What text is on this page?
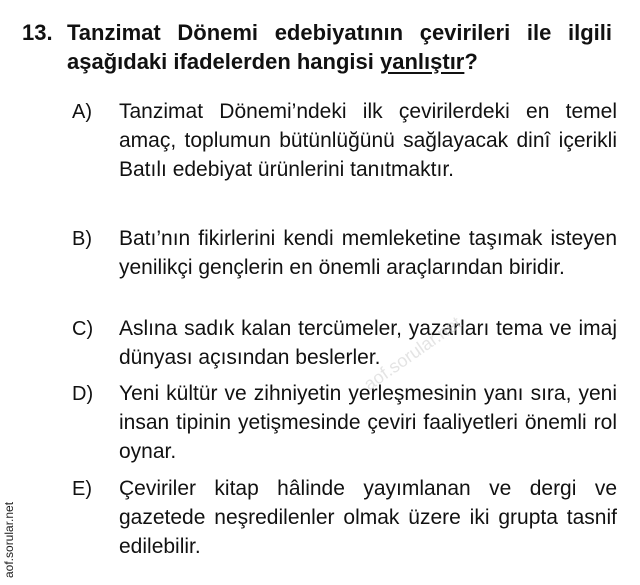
13. Tanzimat Dönemi edebiyatının çevirileri ile ilgili aşağıdaki ifadelerden hangisi yanlıştır?
A) Tanzimat Dönemi’ndeki ilk çevirilerdeki en temel amaç, toplumun bütünlüğünü sağlayacak dinî içerikli Batılı edebiyat ürünlerini tanıtmaktır.
B) Batı’nın fikirlerini kendi memleketine taşımak isteyen yenilikçi gençlerin en önemli araçlarından biridir.
C) Aslına sadık kalan tercümeler, yazarları tema ve imaj dünyası açısından beslerler.
D) Yeni kültür ve zihniyetin yerleşmesinin yanı sıra, yeni insan tipinin yetişmesinde çeviri faaliyetleri önemli rol oynar.
E) Çeviriler kitap hâlinde yayımlanan ve dergi ve gazetede neşredilenler olmak üzere iki grupta tasnif edilebilir.
aof.sorular.net
aof.sorular.net
